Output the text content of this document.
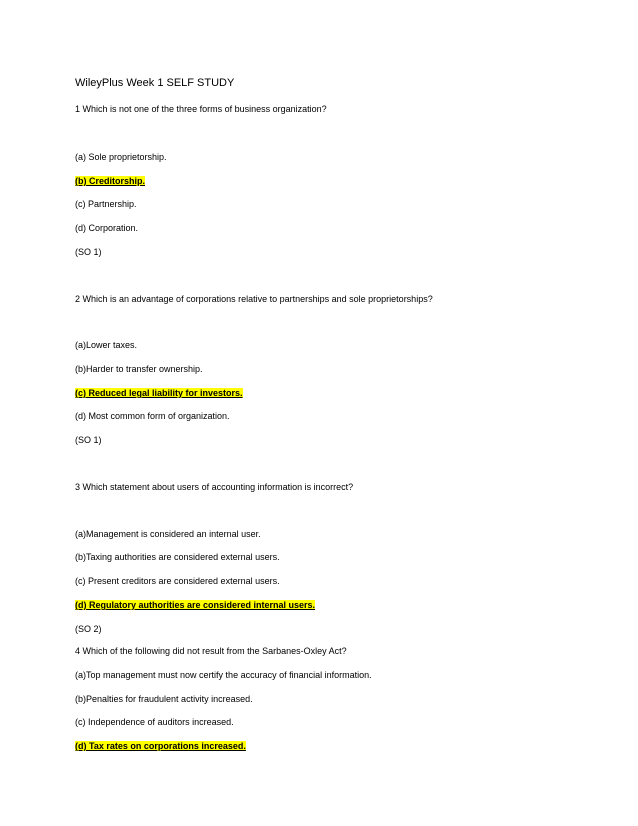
WileyPlus Week 1 SELF STUDY
1 Which is not one of the three forms of business organization?
(a) Sole proprietorship.
(b) Creditorship.
(c) Partnership.
(d) Corporation.
(SO 1)
2 Which is an advantage of corporations relative to partnerships and sole proprietorships?
(a)Lower taxes.
(b)Harder to transfer ownership.
(c) Reduced legal liability for investors.
(d) Most common form of organization.
(SO 1)
3 Which statement about users of accounting information is incorrect?
(a)Management is considered an internal user.
(b)Taxing authorities are considered external users.
(c) Present creditors are considered external users.
(d) Regulatory authorities are considered internal users.
(SO 2)
4 Which of the following did not result from the Sarbanes-Oxley Act?
(a)Top management must now certify the accuracy of financial information.
(b)Penalties for fraudulent activity increased.
(c) Independence of auditors increased.
(d) Tax rates on corporations increased.
